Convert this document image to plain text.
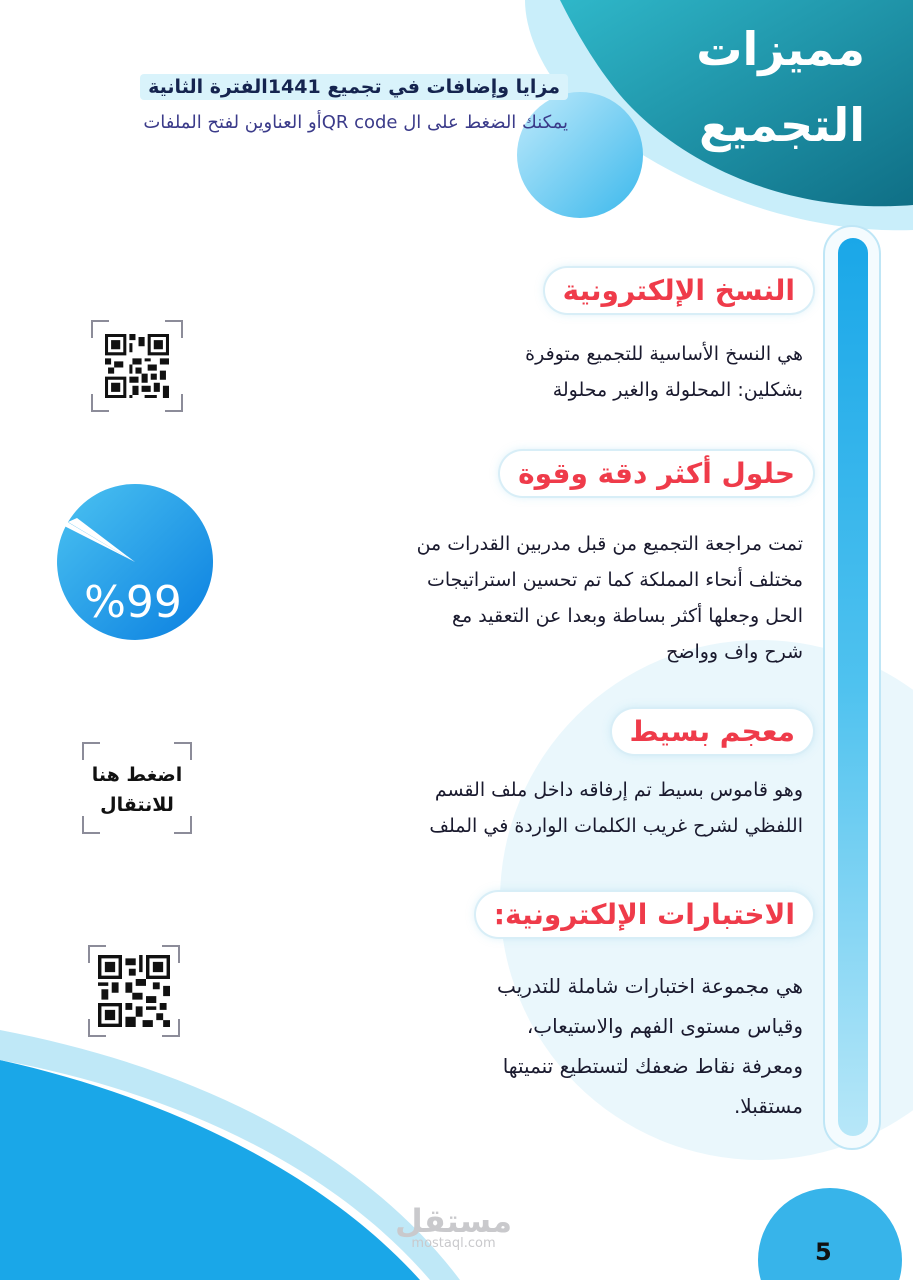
مميزات
التجميع
مزايا وإضافات في تجميع 1441الفترة الثانية
يمكنك الضغط على ال QR codeأو العناوين لفتح الملفات
النسخ الإلكترونية
هي النسخ الأساسية للتجميع متوفرة
بشكلين: المحلولة والغير محلولة
حلول أكثر دقة وقوة
تمت مراجعة التجميع من قبل مدربين القدرات من
مختلف أنحاء المملكة كما تم تحسين استراتيجات
الحل وجعلها أكثر بساطة وبعدا عن التعقيد مع
شرح واف وواضح
%99
معجم بسيط
وهو قاموس بسيط تم إرفاقه داخل ملف القسم
اللفظي لشرح غريب الكلمات الواردة في الملف
اضغط هنا
للانتقال
الاختبارات الإلكترونية:
هي مجموعة اختبارات شاملة للتدريب
وقياس مستوى الفهم والاستيعاب،
ومعرفة نقاط ضعفك لتستطيع تنميتها
مستقبلا.
مستقل
mostaql.com	5
